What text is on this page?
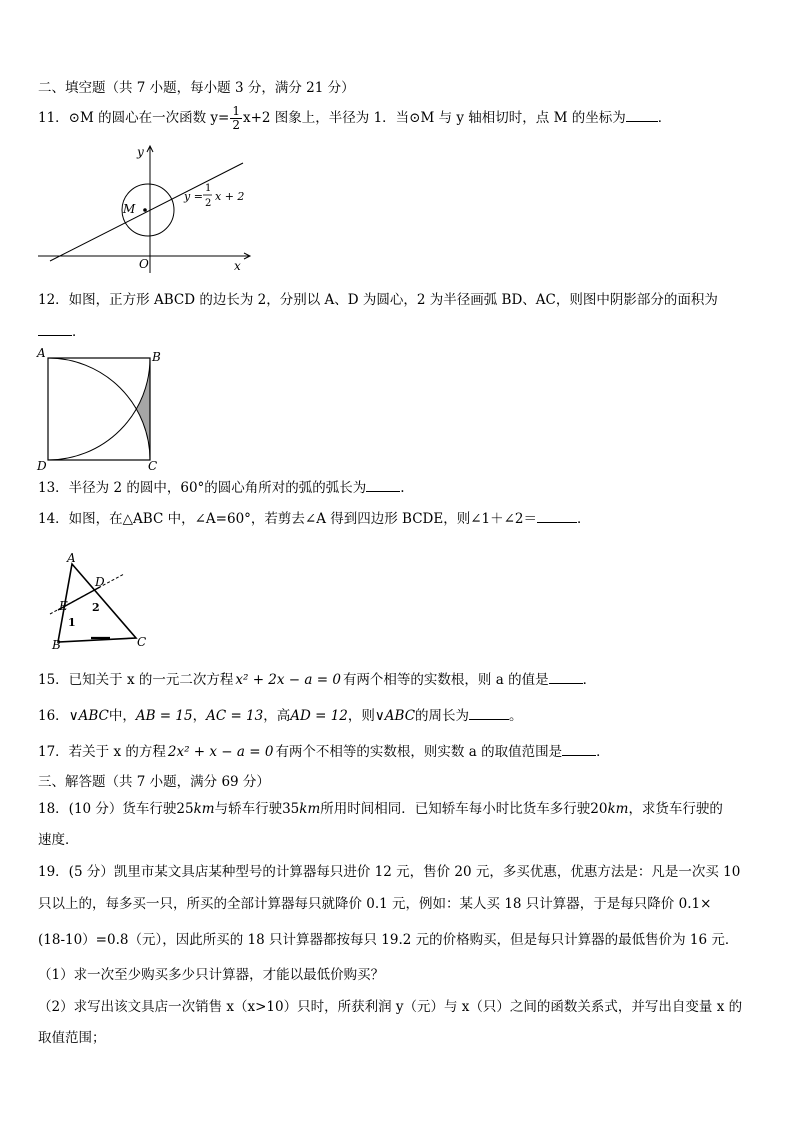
二、填空题（共 7 小题，每小题 3 分，满分 21 分）
11．⊙M 的圆心在一次函数 $y= \frac{1}{2} x+2$ 图象上，半径为 1．当⊙M 与 y 轴相切时，点 M 的坐标为 ．
y
x
O
M
y =
1
2
x + 2
12．如图，正方形 ABCD 的边长为 2，分别以 A、D 为圆心，2 为半径画弧 BD、AC，则图中阴影部分的面积为
．
A	B
C
D
13．半径为 2 的圆中，60°的圆心角所对的弧的弧长为	.
14．如图，在△ABC 中，∠A=60°，若剪去∠A 得到四边形 BCDE，则∠1＋∠2＝	．
A
B	C
D
E
1
2
15．已知关于 x 的一元二次方程 x² + 2x − a = 0 有两个相等的实数根，则 a 的值是	．
16．∨ABC中，AB = 15，AC = 13，高AD = 12，则∨ABC的周长为	。
17．若关于 x 的方程 2x² + x − a = 0 有两个不相等的实数根，则实数 a 的取值范围是	．
三、解答题（共 7 小题，满分 69 分）
18．(10 分）货车行驶25km与轿车行驶35km所用时间相同．已知轿车每小时比货车多行驶20km，求货车行驶的
速度．
19．(5 分）凯里市某文具店某种型号的计算器每只进价 12 元，售价 20 元，多买优惠，优惠方法是：凡是一次买 10
只以上的，每多买一只，所买的全部计算器每只就降价 0.1 元，例如：某人买 18 只计算器，于是每只降价 0.1×
(18-10）=0.8（元），因此所买的 18 只计算器都按每只 19.2 元的价格购买，但是每只计算器的最低售价为 16 元．
（1）求一次至少购买多少只计算器，才能以最低价购买？
（2）求写出该文具店一次销售 x（x>10）只时，所获利润 y（元）与 x（只）之间的函数关系式，并写出自变量 x 的
取值范围；
